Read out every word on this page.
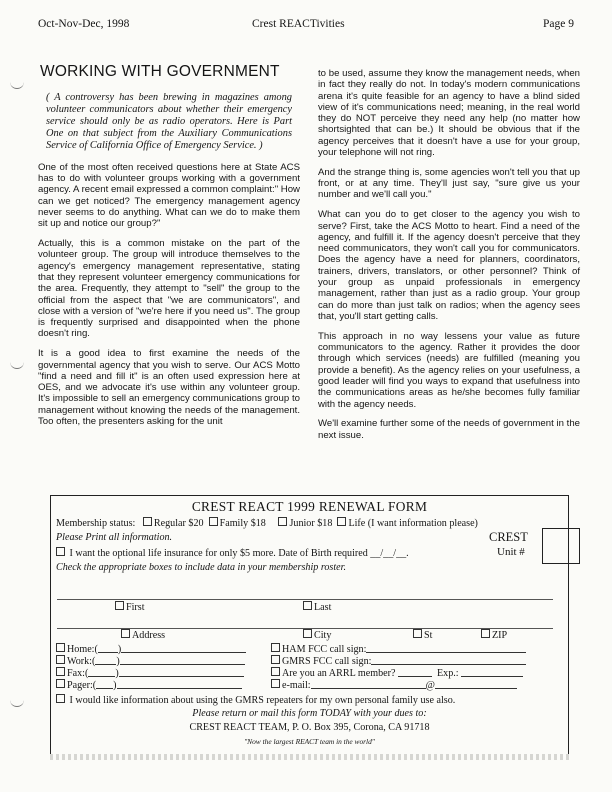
Oct-Nov-Dec, 1998	Crest REACTivities	Page 9
WORKING WITH GOVERNMENT

( A controversy has been brewing in magazines among volunteer communicators about whether their emergency service should only be as radio operators. Here is Part One on that subject from the Auxiliary Communications Service of California Office of Emergency Service. )

One of the most often received questions here at State ACS has to do with volunteer groups working with a government agency. A recent email expressed a common complaint:" How can we get noticed? The emergency management agency never seems to do anything. What can we do to make them sit up and notice our group?"

Actually, this is a common mistake on the part of the volunteer group. The group will introduce themselves to the agency's emergency management representative, stating that they represent volunteer emergency communications for the area. Frequently, they attempt to "sell" the group to the official from the aspect that "we are communicators", and close with a version of "we're here if you need us". The group is frequently surprised and disappointed when the phone doesn't ring.

It is a good idea to first examine the needs of the governmental agency that you wish to serve. Our ACS Motto "find a need and fill it" is an often used expression here at OES, and we advocate it's use within any volunteer group. It's impossible to sell an emergency communications group to management without knowing the needs of the management. Too often, the presenters asking for the unit

to be used, assume they know the management needs, when in fact they really do not. In today's modern communications arena it's quite feasible for an agency to have a blind sided view of it's communications need; meaning, in the real world they do NOT perceive they need any help (no matter how shortsighted that can be.) It should be obvious that if the agency perceives that it doesn't have a use for your group, your telephone will not ring.

And the strange thing is, some agencies won't tell you that up front, or at any time. They'll just say, "sure give us your number and we'll call you."

What can you do to get closer to the agency you wish to serve? First, take the ACS Motto to heart. Find a need of the agency, and fulfill it. If the agency doesn't perceive that they need communicators, they won't call you for communicators. Does the agency have a need for planners, coordinators, trainers, drivers, translators, or other personnel? Think of your group as unpaid professionals in emergency management, rather than just as a radio group. Your group can do more than just talk on radios; when the agency sees that, you'll start getting calls.

This approach in no way lessens your value as future communicators to the agency. Rather it provides the door through which services (needs) are fulfilled (meaning you provide a benefit). As the agency relies on your usefulness, a good leader will find you ways to expand that usefulness into the communications areas as he/she becomes fully familiar with the agency needs.

We'll examine further some of the needs of government in the next issue.

CREST REACT 1999 RENEWAL FORM
Membership status: Regular $20 Family $18 Junior $18 Life (I want information please)
Please Print all information.	CREST
Unit #
I want the optional life insurance for only $5 more. Date of Birth required __/__/__.
Check the appropriate boxes to include data in your membership roster.
First	Last
Address	City	St	ZIP
Home:( )
Work:( )
Fax:(	)
Pager:( )
HAM FCC call sign:
GMRS FCC call sign:
Are you an ARRL member?	Exp.:
e-mail:	@
I would like information about using the GMRS repeaters for my own personal family use also.
Please return or mail this form TODAY with your dues to:
CREST REACT TEAM, P. O. Box 395, Corona, CA 91718
"Now the largest REACT team in the world"
